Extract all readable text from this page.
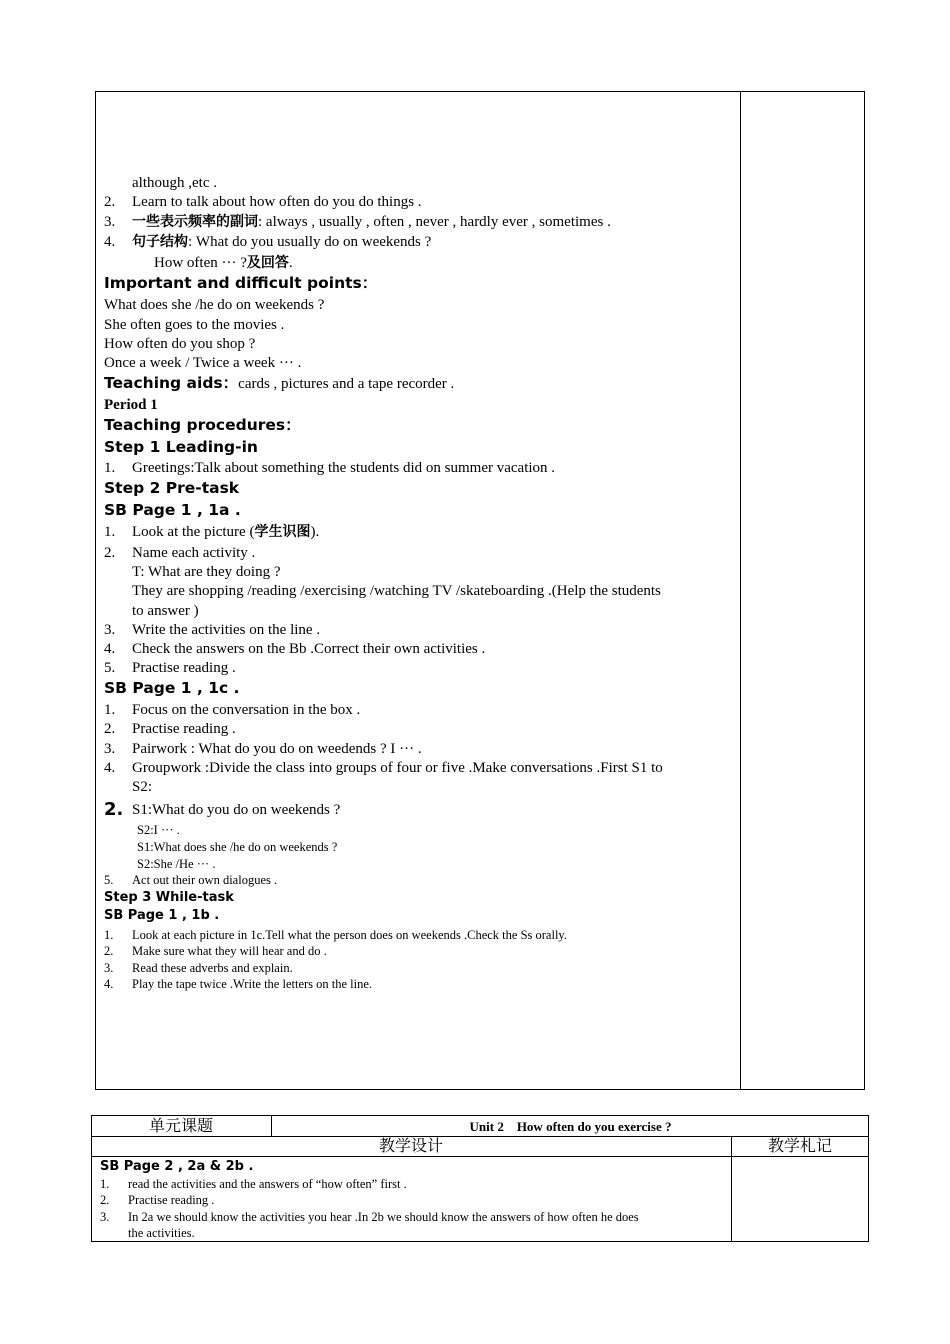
although ,etc .
2. Learn to talk about how often do you do things .
3. 一些表示频率的副词: always , usually , often , never , hardly ever , sometimes .
4. 句子结构: What do you usually do on weekends ?
How often ··· ?及回答.
Important and difficult points：
What does she /he do on weekends ?
She often goes to the movies .
How often do you shop ?
Once a week / Twice a week ··· .
Teaching aids：cards , pictures and a tape recorder .
Period 1
Teaching procedures：
Step 1 Leading-in
1. Greetings:Talk about something the students did on summer vacation .
Step 2 Pre-task
SB Page 1 , 1a .
1. Look at the picture (学生识图).
2. Name each activity .
T: What are they doing ?
They are shopping /reading /exercising /watching TV /skateboarding .(Help the students
to answer )
3. Write the activities on the line .
4. Check the answers on the Bb .Correct their own activities .
5. Practise reading .
SB Page 1 , 1c .
1. Focus on the conversation in the box .
2. Practise reading .
3. Pairwork : What do you do on weedends ? I ··· .
4. Groupwork :Divide the class into groups of four or five .Make conversations .First S1 to
S2:
2. S1:What do you do on weekends ?
S2:I ··· .
S1:What does she /he do on weekends ?
S2:She /He ··· .
5. Act out their own dialogues .
Step 3 While-task
SB Page 1 , 1b .
1. Look at each picture in 1c.Tell what the person does on weekends .Check the Ss orally.
2. Make sure what they will hear and do .
3. Read these adverbs and explain.
4. Play the tape twice .Write the letters on the line.
单元课题	Unit 2    How often do you exercise ?
教学设计	教学札记
SB Page 2 , 2a & 2b .
1. read the activities and the answers of “how often” first .
2. Practise reading .
3. In 2a we should know the activities you hear .In 2b we should know the answers of how often he does
the activities.
